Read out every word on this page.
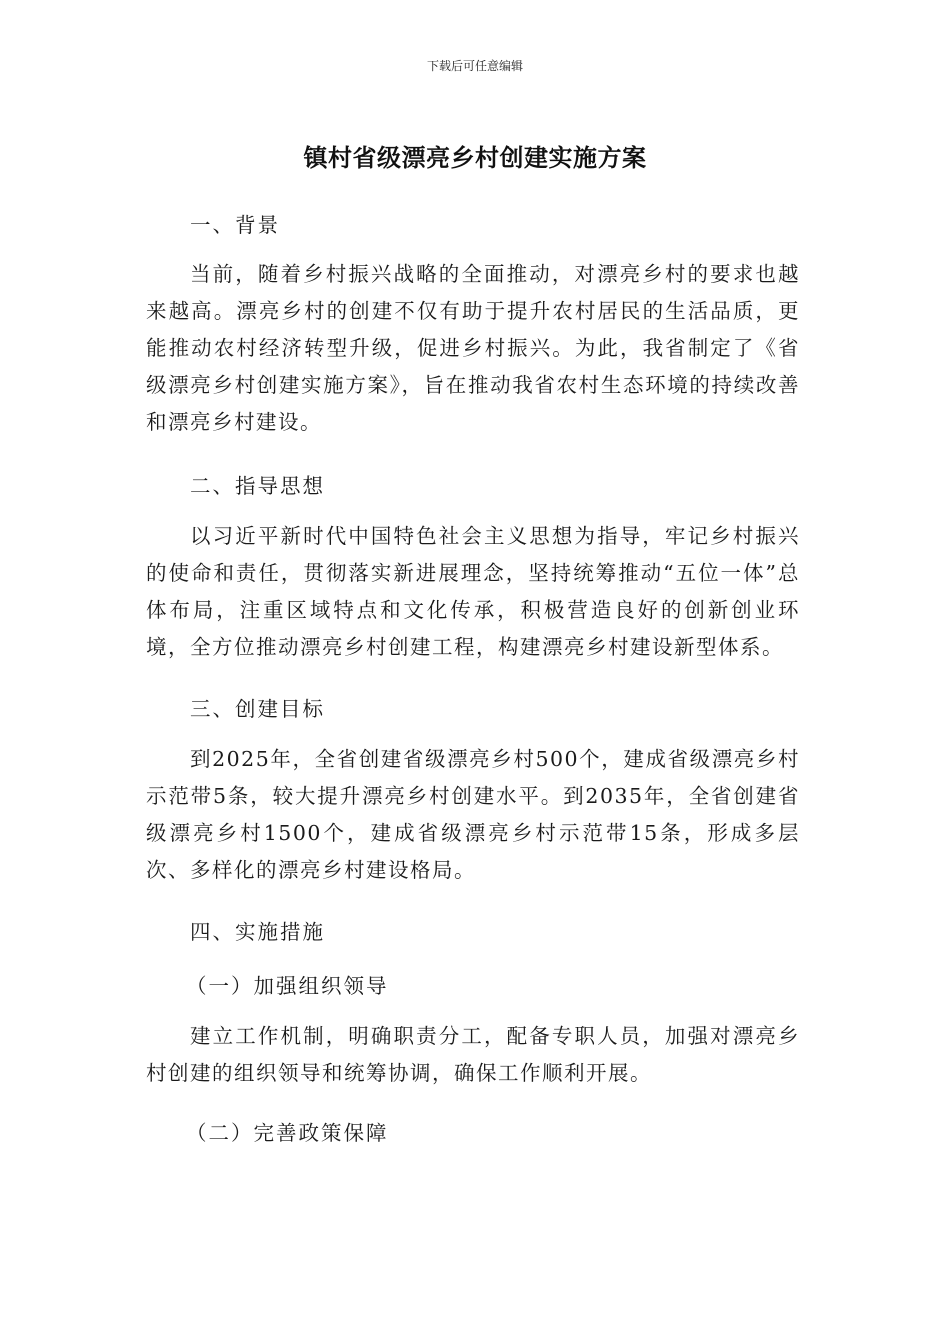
下载后可任意编辑
镇村省级漂亮乡村创建实施方案
一、背景

当前，随着乡村振兴战略的全面推动，对漂亮乡村的要求也越来越高。漂亮乡村的创建不仅有助于提升农村居民的生活品质，更能推动农村经济转型升级，促进乡村振兴。为此，我省制定了《省级漂亮乡村创建实施方案》，旨在推动我省农村生态环境的持续改善和漂亮乡村建设。

二、指导思想

以习近平新时代中国特色社会主义思想为指导，牢记乡村振兴的使命和责任，贯彻落实新进展理念，坚持统筹推动“五位一体”总体布局，注重区域特点和文化传承，积极营造良好的创新创业环境，全方位推动漂亮乡村创建工程，构建漂亮乡村建设新型体系。

三、创建目标

到2025年，全省创建省级漂亮乡村500个，建成省级漂亮乡村示范带5条，较大提升漂亮乡村创建水平。到2035年，全省创建省级漂亮乡村1500个，建成省级漂亮乡村示范带15条，形成多层次、多样化的漂亮乡村建设格局。

四、实施措施
（一）加强组织领导

建立工作机制，明确职责分工，配备专职人员，加强对漂亮乡村创建的组织领导和统筹协调，确保工作顺利开展。

（二）完善政策保障
